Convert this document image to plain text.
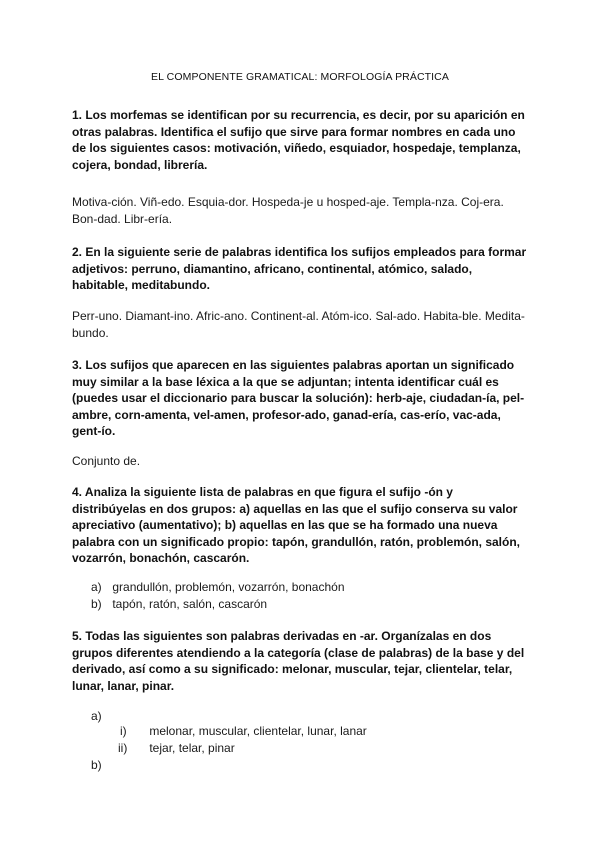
EL COMPONENTE GRAMATICAL: MORFOLOGÍA PRÁCTICA
1. Los morfemas se identifican por su recurrencia, es decir, por su aparición en otras palabras. Identifica el sufijo que sirve para formar nombres en cada uno de los siguientes casos: motivación, viñedo, esquiador, hospedaje, templanza, cojera, bondad, librería.
Motiva-ción. Viñ-edo. Esquia-dor. Hospeda-je u hosped-aje. Templa-nza. Coj-era. Bon-dad. Libr-ería.
2. En la siguiente serie de palabras identifica los sufijos empleados para formar adjetivos: perruno, diamantino, africano, continental, atómico, salado, habitable, meditabundo.
Perr-uno. Diamant-ino. Afric-ano. Continent-al. Atóm-ico. Sal-ado. Habita-ble. Medita-bundo.
3. Los sufijos que aparecen en las siguientes palabras aportan un significado muy similar a la base léxica a la que se adjuntan; intenta identificar cuál es (puedes usar el diccionario para buscar la solución): herb-aje, ciudadan-ía, pel-ambre, corn-amenta, vel-amen, profesor-ado, ganad-ería, cas-erío, vac-ada, gent-ío.
Conjunto de.
4. Analiza la siguiente lista de palabras en que figura el sufijo -ón y distribúyelas en dos grupos: a) aquellas en las que el sufijo conserva su valor apreciativo (aumentativo); b) aquellas en las que se ha formado una nueva palabra con un significado propio: tapón, grandullón, ratón, problemón, salón, vozarrón, bonachón, cascarón.
a) grandullón, problemón, vozarrón, bonachón
b) tapón, ratón, salón, cascarón
5. Todas las siguientes son palabras derivadas en -ar. Organízalas en dos grupos diferentes atendiendo a la categoría (clase de palabras) de la base y del derivado, así como a su significado: melonar, muscular, tejar, clientelar, telar, lunar, lanar, pinar.
a)
i) melonar, muscular, clientelar, lunar, lanar
ii) tejar, telar, pinar
b)
